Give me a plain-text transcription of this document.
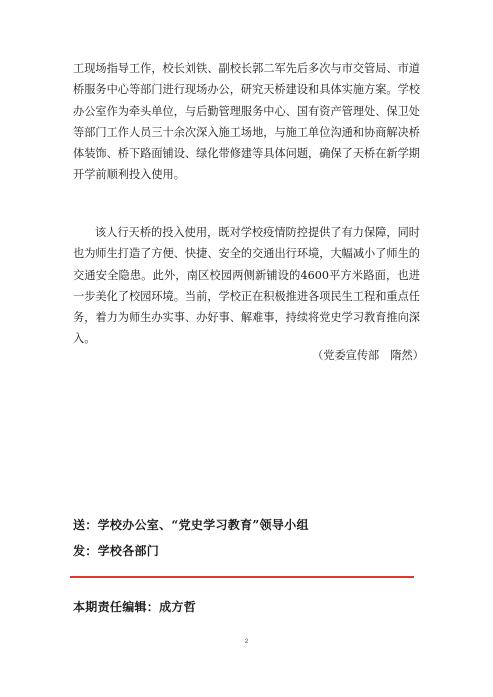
工现场指导工作，校长刘铁、副校长郭二军先后多次与市交管局、市道桥服务中心等部门进行现场办公，研究天桥建设和具体实施方案。学校办公室作为牵头单位，与后勤管理服务中心、国有资产管理处、保卫处等部门工作人员三十余次深入施工场地，与施工单位沟通和协商解决桥体装饰、桥下路面铺设、绿化带修建等具体问题，确保了天桥在新学期开学前顺利投入使用。

该人行天桥的投入使用，既对学校疫情防控提供了有力保障，同时也为师生打造了方便、快捷、安全的交通出行环境，大幅减小了师生的交通安全隐患。此外，南区校园两侧新铺设的4600平方米路面，也进一步美化了校园环境。当前，学校正在积极推进各项民生工程和重点任务，着力为师生办实事、办好事、解难事，持续将党史学习教育推向深入。

（党委宣传部　隋然）

送：学校办公室、“党史学习教育”领导小组

发：学校各部门

本期责任编辑：成方哲

2
